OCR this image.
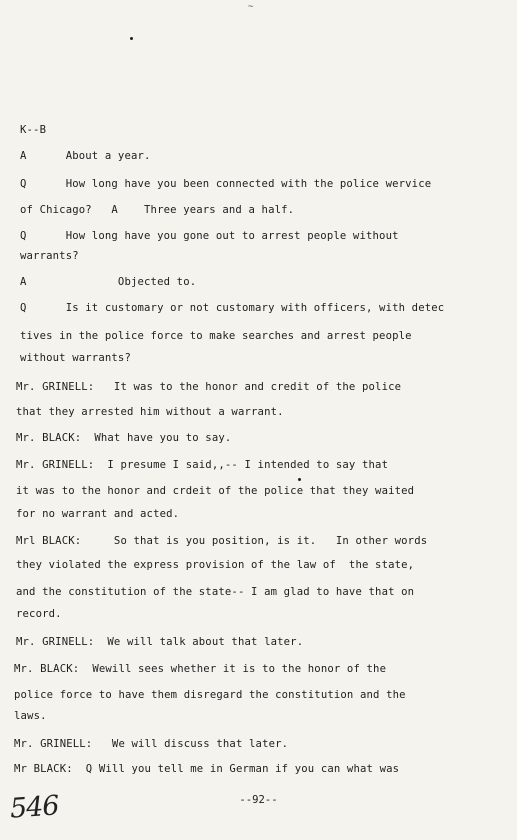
~
K--B
A      About a year.
Q      How long have you been connected with the police wervice
of Chicago?   A    Three years and a half.
Q      How long have you gone out to arrest people without
warrants?
A              Objected to.
Q      Is it customary or not customary with officers, with detec
tives in the police force to make searches and arrest people
without warrants?
Mr. GRINELL:   It was to the honor and credit of the police
that they arrested him without a warrant.
Mr. BLACK:  What have you to say.
Mr. GRINELL:  I presume I said,,-- I intended to say that
it was to the honor and crdeit of the police that they waited
for no warrant and acted.
Mrl BLACK:     So that is you position, is it.   In other words
they violated the express provision of the law of  the state,
and the constitution of the state-- I am glad to have that on
record.
Mr. GRINELL:  We will talk about that later.
Mr. BLACK:  Wewill sees whether it is to the honor of the
police force to have them disregard the constitution and the
laws.
Mr. GRINELL:   We will discuss that later.
Mr BLACK:  Q Will you tell me in German if you can what was
--92--
546
